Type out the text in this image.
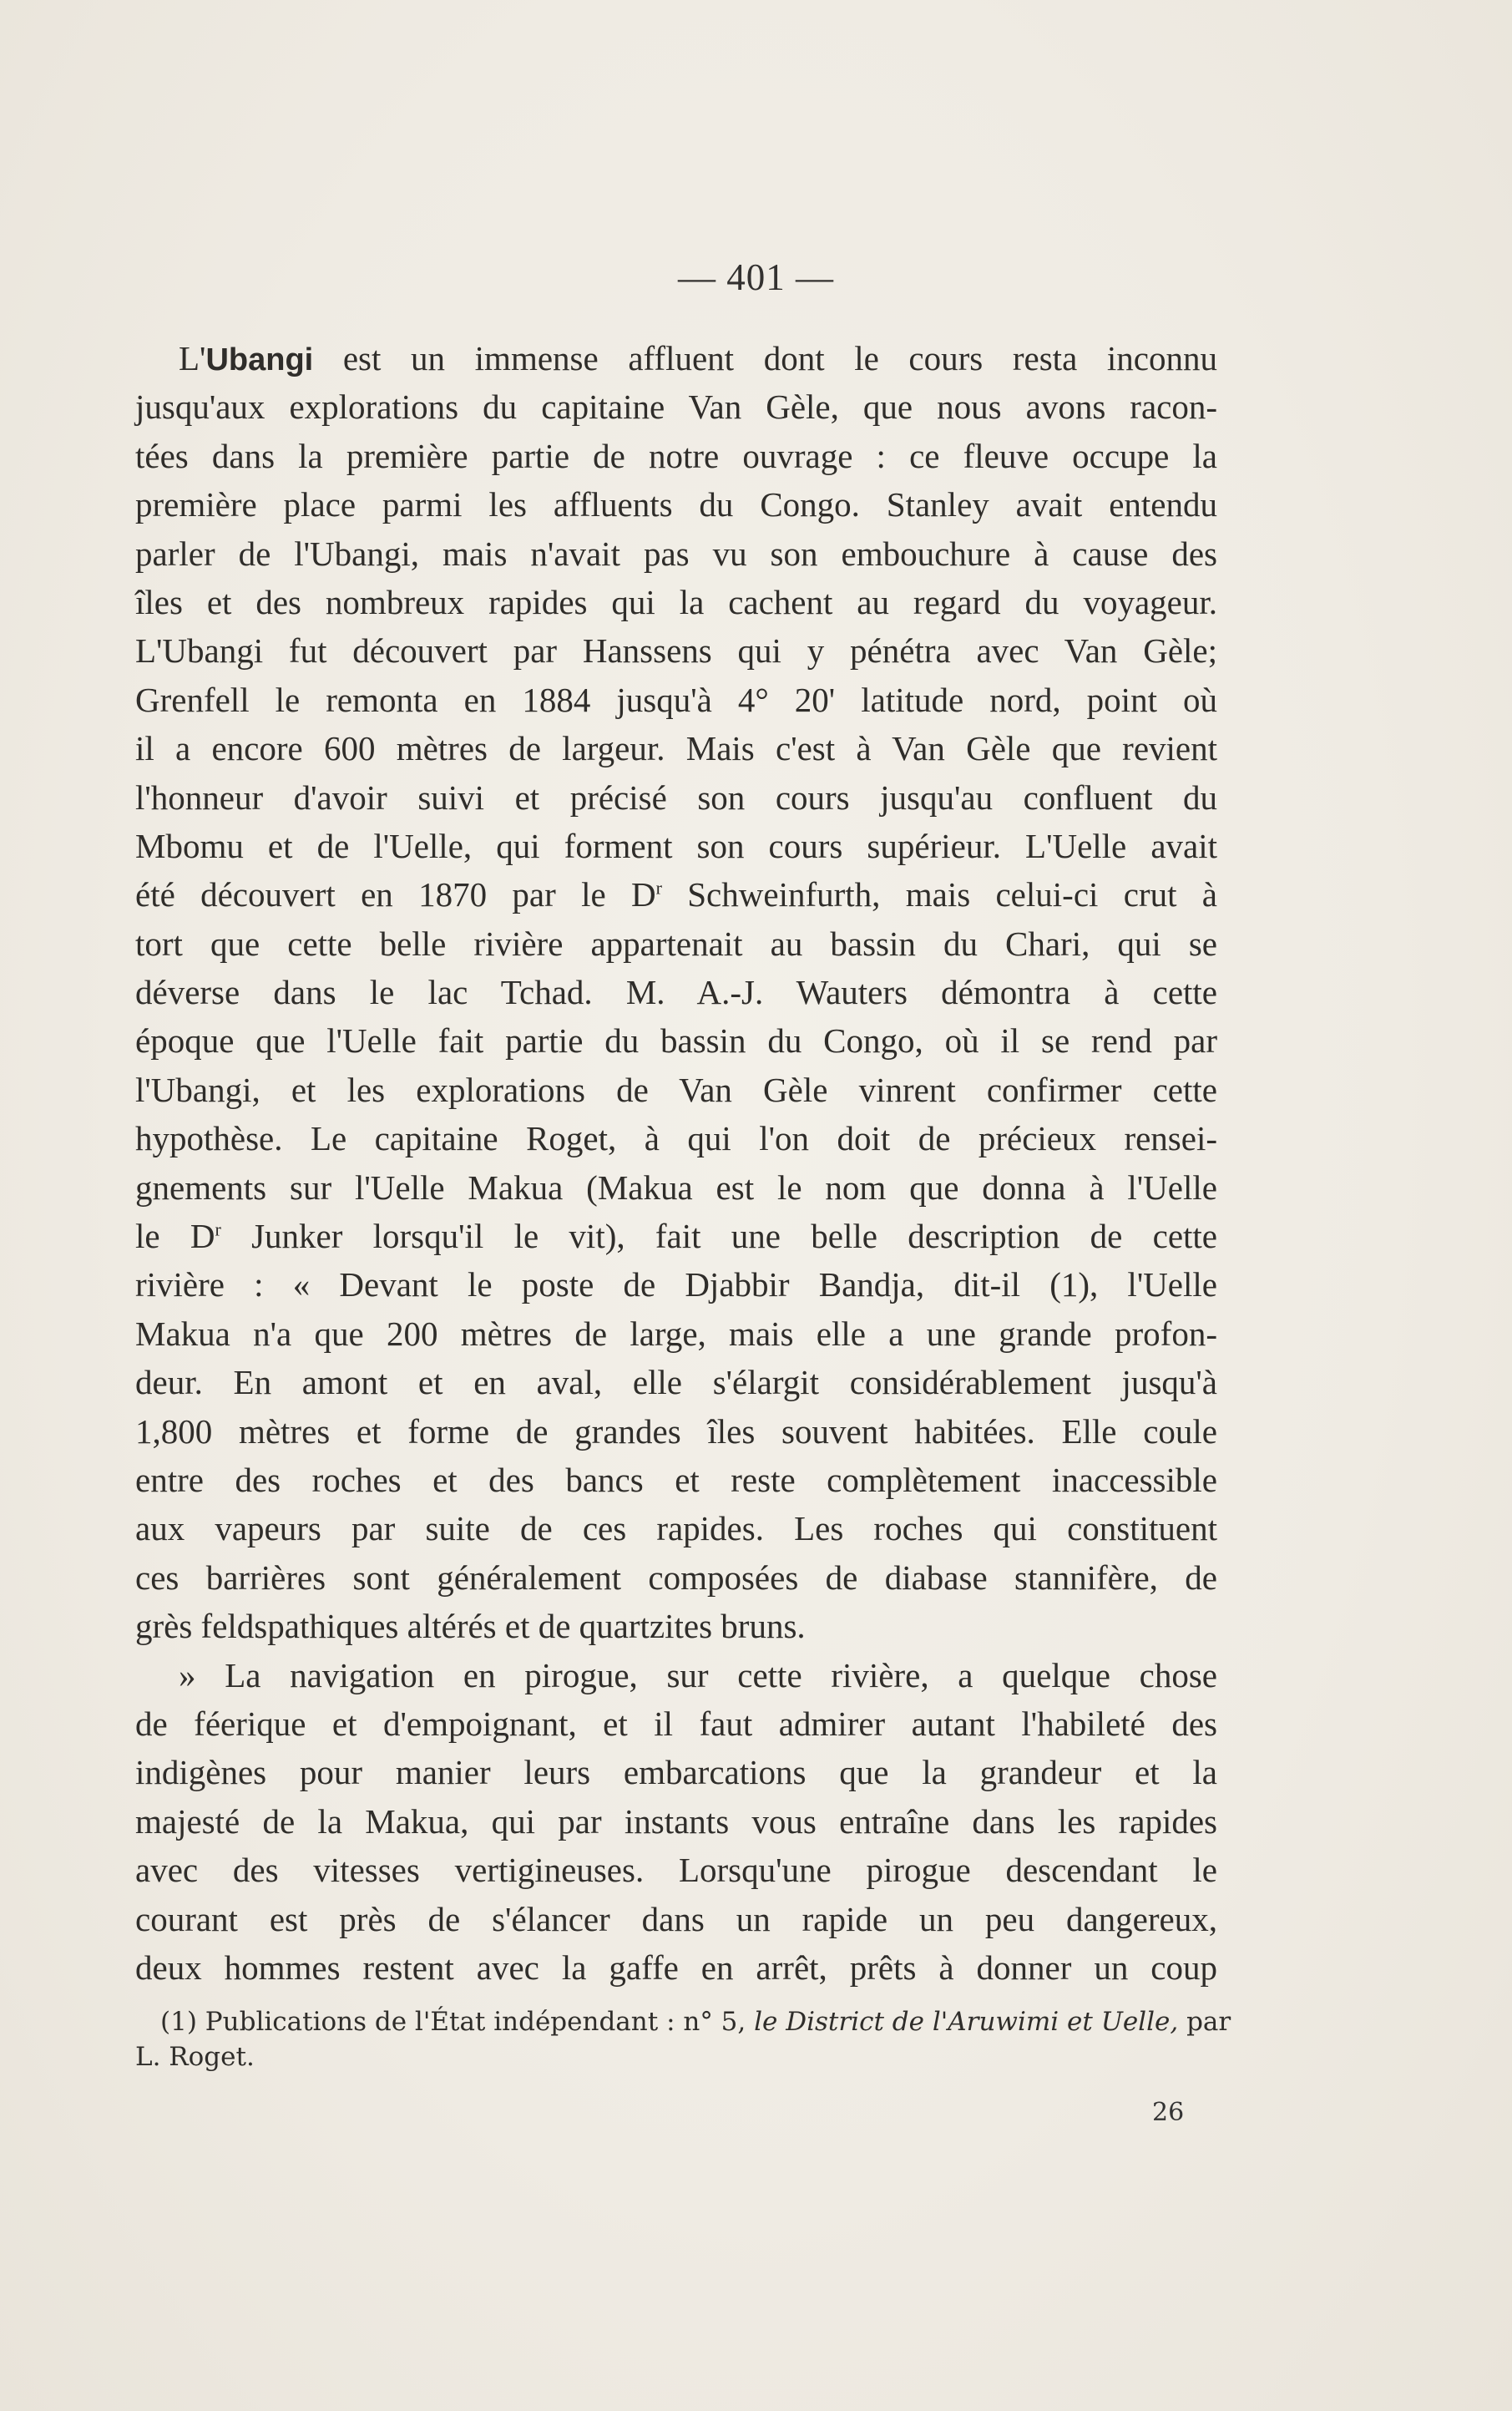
— 401 —
L'Ubangi est un immense affluent dont le cours resta inconnu
jusqu'aux explorations du capitaine Van Gèle, que nous avons racon-
tées dans la première partie de notre ouvrage : ce fleuve occupe la
première place parmi les affluents du Congo. Stanley avait entendu
parler de l'Ubangi, mais n'avait pas vu son embouchure à cause des
îles et des nombreux rapides qui la cachent au regard du voyageur.
L'Ubangi fut découvert par Hanssens qui y pénétra avec Van Gèle;
Grenfell le remonta en 1884 jusqu'à 4° 20' latitude nord, point où
il a encore 600 mètres de largeur. Mais c'est à Van Gèle que revient
l'honneur d'avoir suivi et précisé son cours jusqu'au confluent du
Mbomu et de l'Uelle, qui forment son cours supérieur. L'Uelle avait
été découvert en 1870 par le $D^r$ Schweinfurth, mais celui-ci crut à
tort que cette belle rivière appartenait au bassin du Chari, qui se
déverse dans le lac Tchad. M. A.-J. Wauters démontra à cette
époque que l'Uelle fait partie du bassin du Congo, où il se rend par
l'Ubangi, et les explorations de Van Gèle vinrent confirmer cette
hypothèse. Le capitaine Roget, à qui l'on doit de précieux rensei-
gnements sur l'Uelle Makua (Makua est le nom que donna à l'Uelle
le $D^r$ Junker lorsqu'il le vit), fait une belle description de cette
rivière : « Devant le poste de Djabbir Bandja, dit-il (1), l'Uelle
Makua n'a que 200 mètres de large, mais elle a une grande profon-
deur. En amont et en aval, elle s'élargit considérablement jusqu'à
1,800 mètres et forme de grandes îles souvent habitées. Elle coule
entre des roches et des bancs et reste complètement inaccessible
aux vapeurs par suite de ces rapides. Les roches qui constituent
ces barrières sont généralement composées de diabase stannifère, de
grès feldspathiques altérés et de quartzites bruns.
» La navigation en pirogue, sur cette rivière, a quelque chose
de féerique et d'empoignant, et il faut admirer autant l'habileté des
indigènes pour manier leurs embarcations que la grandeur et la
majesté de la Makua, qui par instants vous entraîne dans les rapides
avec des vitesses vertigineuses. Lorsqu'une pirogue descendant le
courant est près de s'élancer dans un rapide un peu dangereux,
deux hommes restent avec la gaffe en arrêt, prêts à donner un coup
(1) Publications de l'État indépendant : n° 5, le District de l'Aruwimi et Uelle, par
L. Roget.
26
